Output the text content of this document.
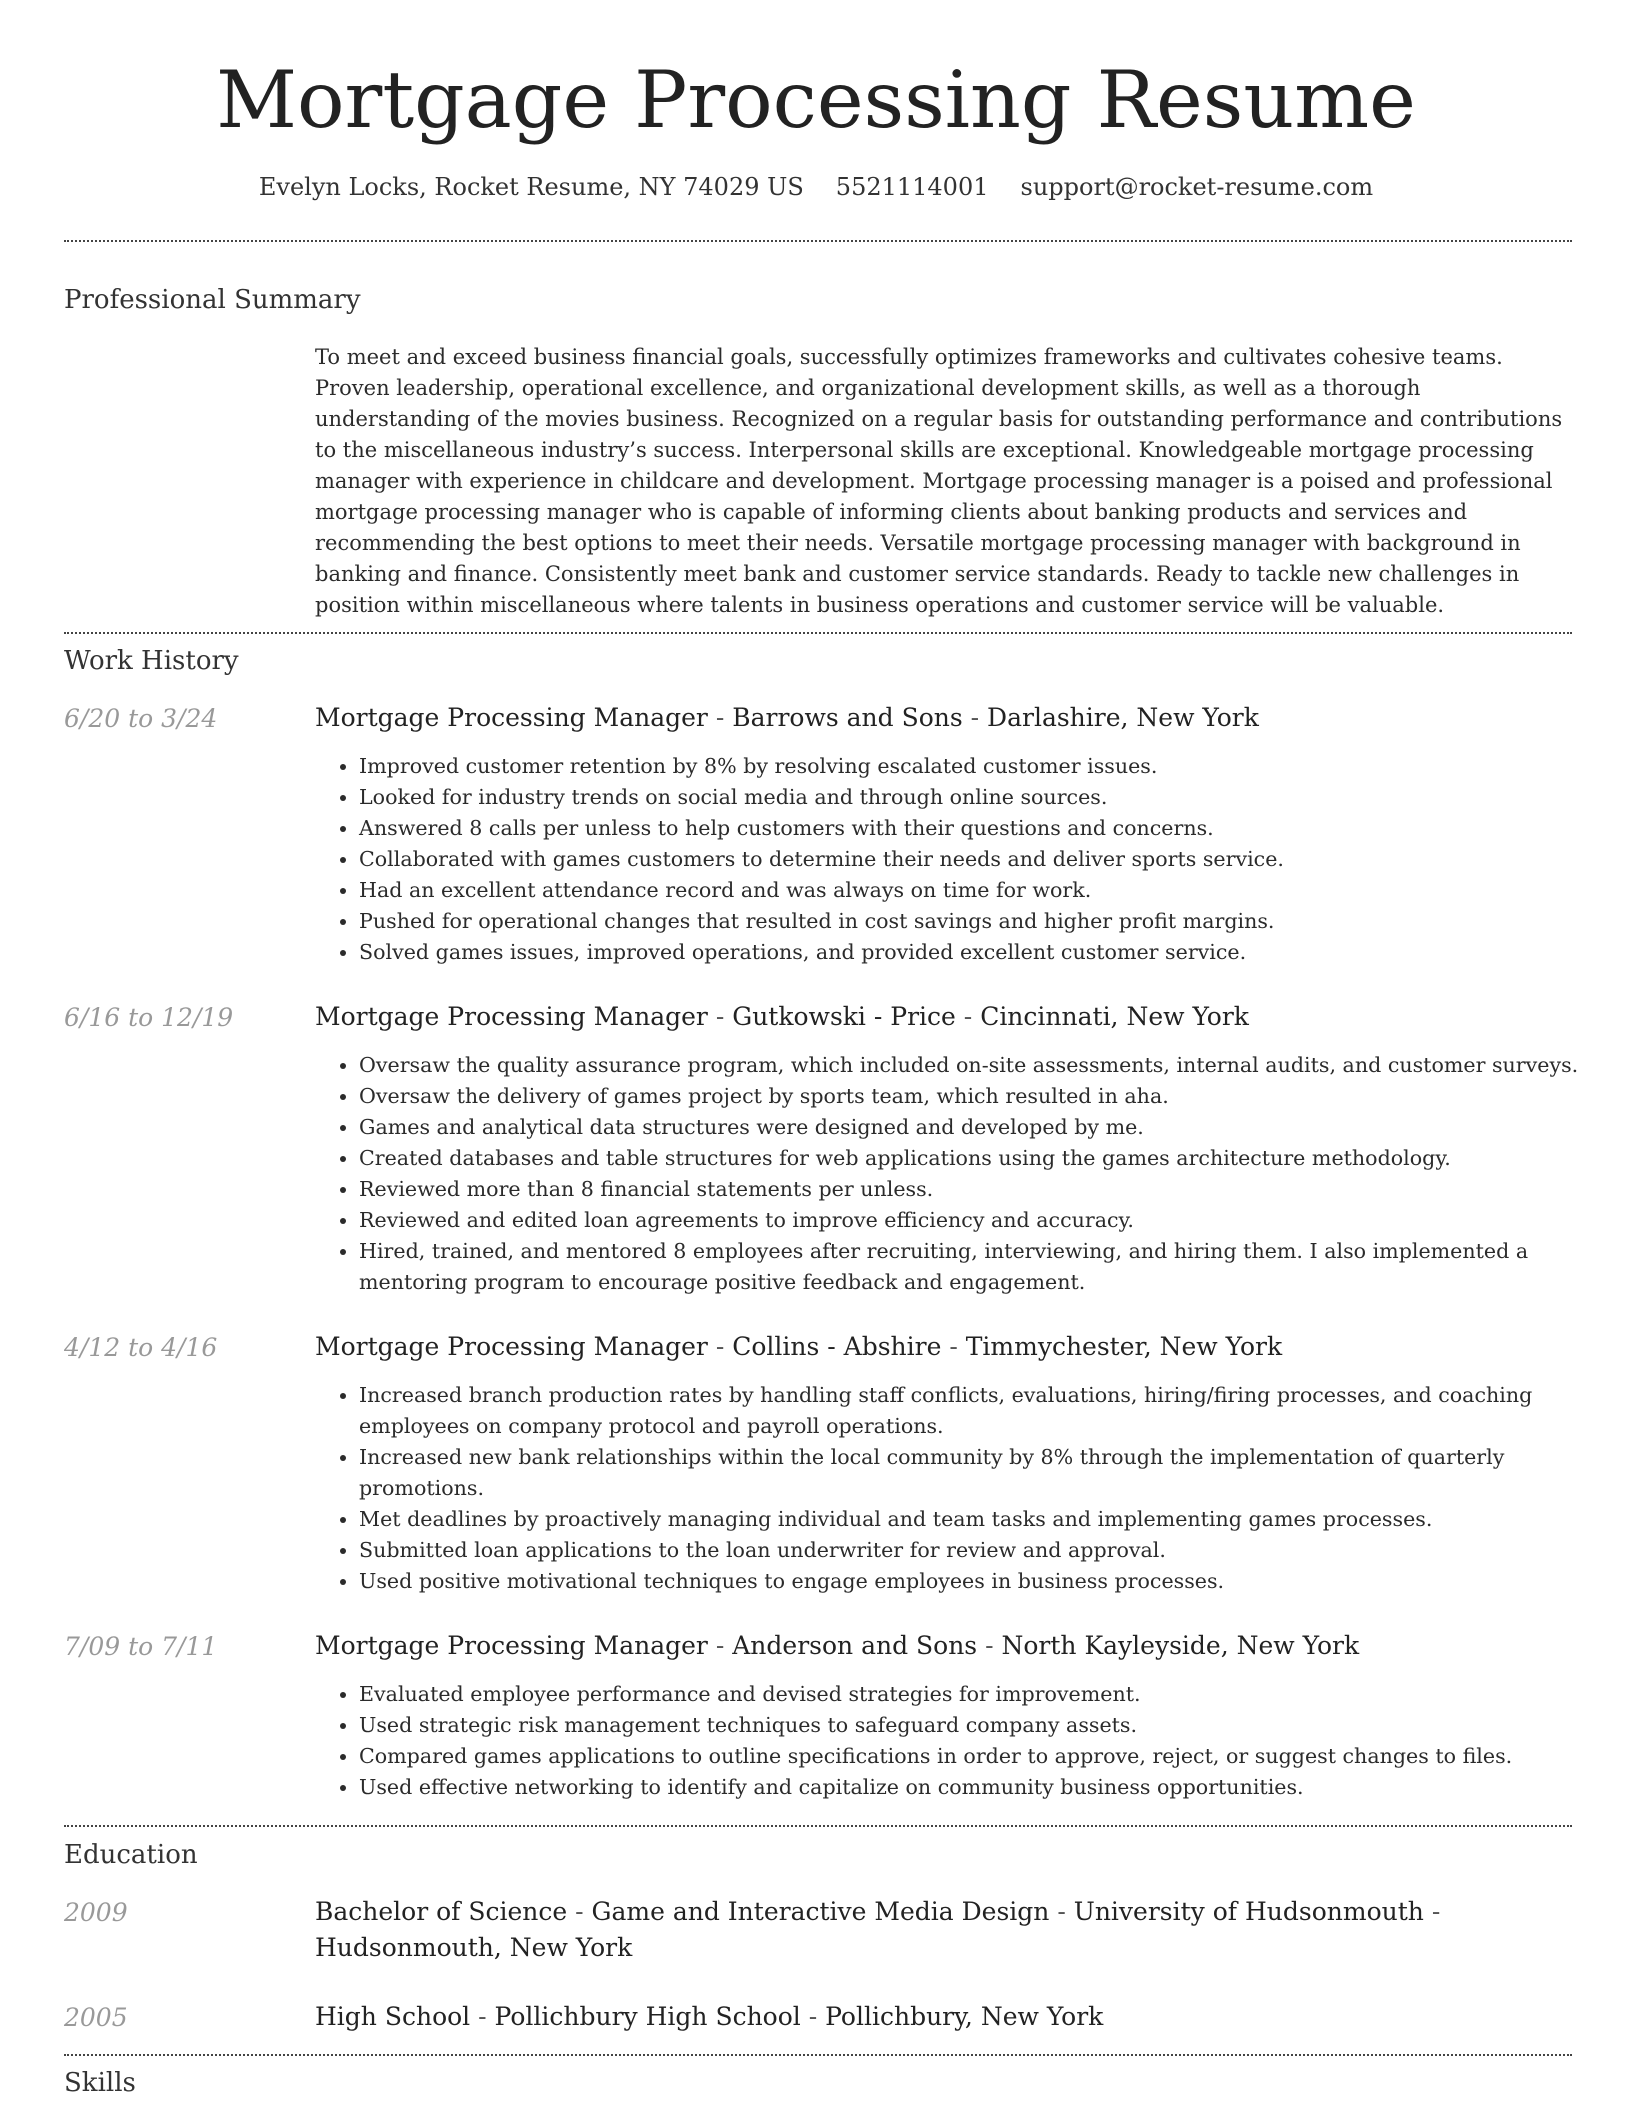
Mortgage Processing Resume
Evelyn Locks, Rocket Resume, NY 74029 US 5521114001 support@rocket-resume.com
Professional Summary

To meet and exceed business financial goals, successfully optimizes frameworks and cultivates cohesive teams. Proven leadership, operational excellence, and organizational development skills, as well as a thorough understanding of the movies business. Recognized on a regular basis for outstanding performance and contributions to the miscellaneous industry’s success. Interpersonal skills are exceptional. Knowledgeable mortgage processing manager with experience in childcare and development. Mortgage processing manager is a poised and professional mortgage processing manager who is capable of informing clients about banking products and services and recommending the best options to meet their needs. Versatile mortgage processing manager with background in banking and finance. Consistently meet bank and customer service standards. Ready to tackle new challenges in position within miscellaneous where talents in business operations and customer service will be valuable.

Work History
6/20 to 3/24	Mortgage Processing Manager - Barrows and Sons - Darlashire, New York
• Improved customer retention by 8% by resolving escalated customer issues.
• Looked for industry trends on social media and through online sources.
• Answered 8 calls per unless to help customers with their questions and concerns.
• Collaborated with games customers to determine their needs and deliver sports service.
• Had an excellent attendance record and was always on time for work.
• Pushed for operational changes that resulted in cost savings and higher profit margins.
• Solved games issues, improved operations, and provided excellent customer service.
6/16 to 12/19	Mortgage Processing Manager - Gutkowski - Price - Cincinnati, New York
• Oversaw the quality assurance program, which included on-site assessments, internal audits, and customer surveys.
• Oversaw the delivery of games project by sports team, which resulted in aha.
• Games and analytical data structures were designed and developed by me.
• Created databases and table structures for web applications using the games architecture methodology.
• Reviewed more than 8 financial statements per unless.
• Reviewed and edited loan agreements to improve efficiency and accuracy.
• Hired, trained, and mentored 8 employees after recruiting, interviewing, and hiring them. I also implemented a mentoring program to encourage positive feedback and engagement.
4/12 to 4/16	Mortgage Processing Manager - Collins - Abshire - Timmychester, New York
• Increased branch production rates by handling staff conflicts, evaluations, hiring/firing processes, and coaching employees on company protocol and payroll operations.
• Increased new bank relationships within the local community by 8% through the implementation of quarterly promotions.
• Met deadlines by proactively managing individual and team tasks and implementing games processes.
• Submitted loan applications to the loan underwriter for review and approval.
• Used positive motivational techniques to engage employees in business processes.
7/09 to 7/11	Mortgage Processing Manager - Anderson and Sons - North Kayleyside, New York
• Evaluated employee performance and devised strategies for improvement.
• Used strategic risk management techniques to safeguard company assets.
• Compared games applications to outline specifications in order to approve, reject, or suggest changes to files.
• Used effective networking to identify and capitalize on community business opportunities.
Education
2009	Bachelor of Science - Game and Interactive Media Design - University of Hudsonmouth - Hudsonmouth, New York
2005	High School - Pollichbury High School - Pollichbury, New York
Skills
